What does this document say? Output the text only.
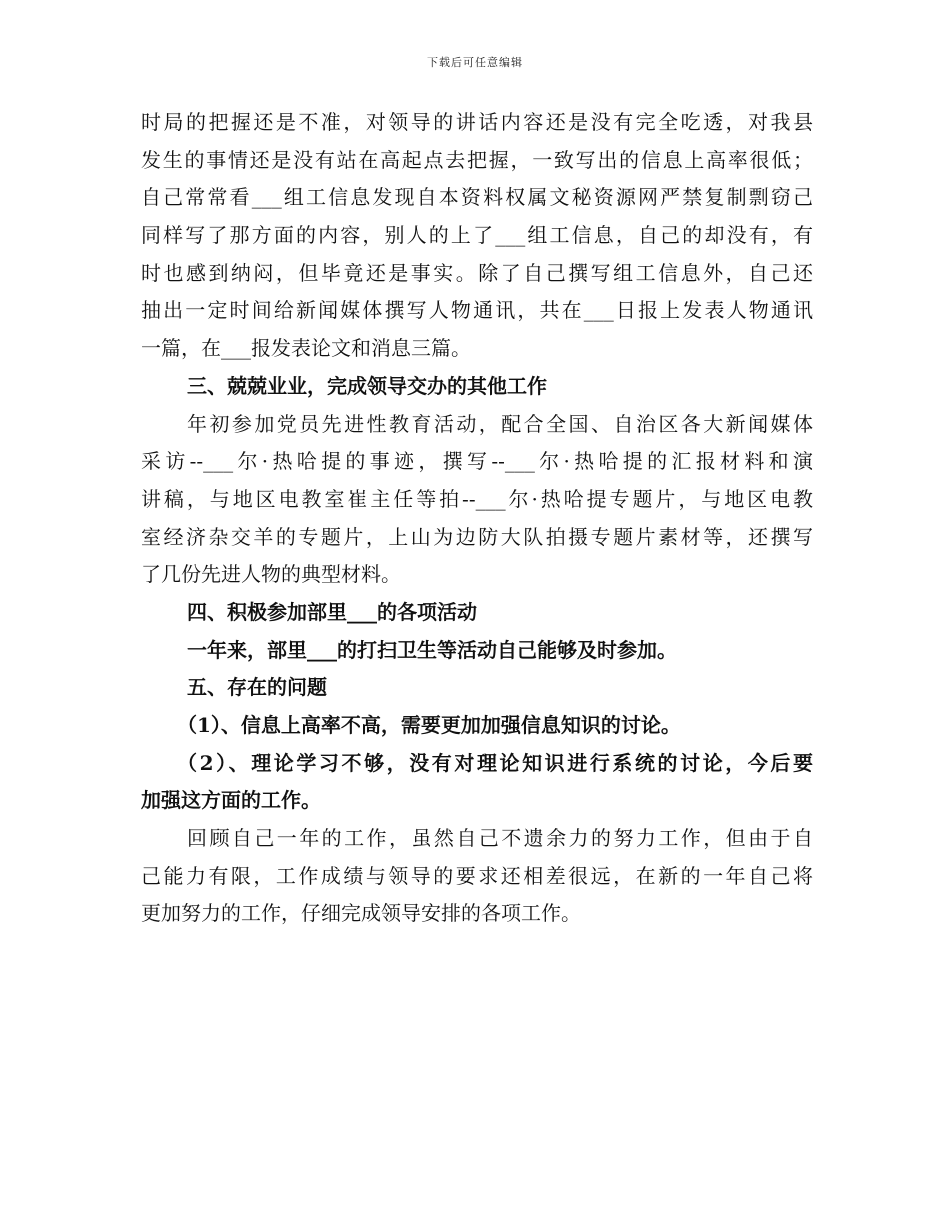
下载后可任意编辑
时局的把握还是不准，对领导的讲话内容还是没有完全吃透，对我县
发生的事情还是没有站在高起点去把握，一致写出的信息上高率很低；
自己常常看___组工信息发现自本资料权属文秘资源网严禁复制剽窃己
同样写了那方面的内容，别人的上了___组工信息，自己的却没有，有
时也感到纳闷，但毕竟还是事实。除了自己撰写组工信息外，自己还
抽出一定时间给新闻媒体撰写人物通讯，共在___日报上发表人物通讯
一篇，在___报发表论文和消息三篇。
三、兢兢业业，完成领导交办的其他工作
年初参加党员先进性教育活动，配合全国、自治区各大新闻媒体
采访--___尔·热哈提的事迹，撰写--___尔·热哈提的汇报材料和演
讲稿，与地区电教室崔主任等拍--___尔·热哈提专题片，与地区电教
室经济杂交羊的专题片，上山为边防大队拍摄专题片素材等，还撰写
了几份先进人物的典型材料。
四、积极参加部里___的各项活动
一年来，部里___的打扫卫生等活动自己能够及时参加。
五、存在的问题
（1）、信息上高率不高，需要更加加强信息知识的讨论。
（2）、理论学习不够，没有对理论知识进行系统的讨论，今后要
加强这方面的工作。
回顾自己一年的工作，虽然自己不遗余力的努力工作，但由于自
己能力有限，工作成绩与领导的要求还相差很远，在新的一年自己将
更加努力的工作，仔细完成领导安排的各项工作。
